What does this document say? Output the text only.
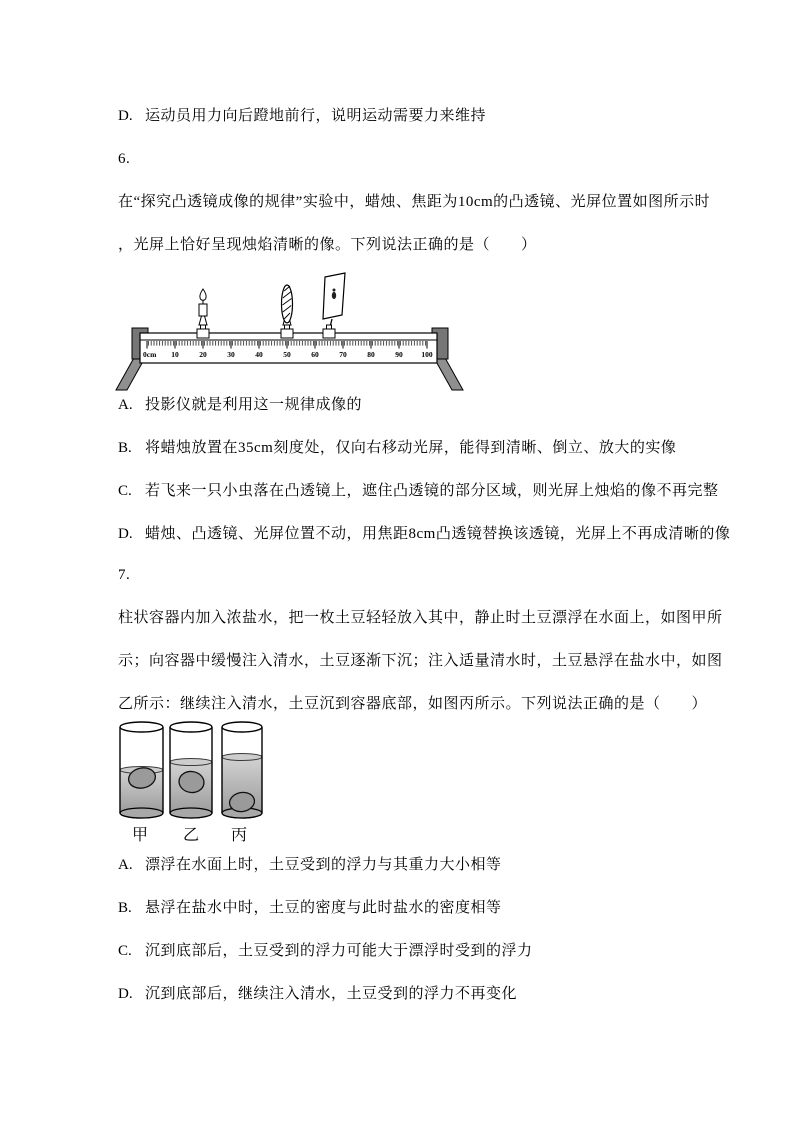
D. 运动员用力向后蹬地前行，说明运动需要力来维持
6.
在“探究凸透镜成像的规律”实验中，蜡烛、焦距为10cm的凸透镜、光屏位置如图所示时
，光屏上恰好呈现烛焰清晰的像。下列说法正确的是（　　）
0cm 10	20	30	40	50	60	70	80	90 100
A. 投影仪就是利用这一规律成像的
B. 将蜡烛放置在35cm刻度处，仅向右移动光屏，能得到清晰、倒立、放大的实像
C. 若飞来一只小虫落在凸透镜上，遮住凸透镜的部分区域，则光屏上烛焰的像不再完整
D. 蜡烛、凸透镜、光屏位置不动，用焦距8cm凸透镜替换该透镜，光屏上不再成清晰的像
7.
柱状容器内加入浓盐水，把一枚土豆轻轻放入其中，静止时土豆漂浮在水面上，如图甲所
示；向容器中缓慢注入清水，土豆逐渐下沉；注入适量清水时，土豆悬浮在盐水中，如图
乙所示：继续注入清水，土豆沉到容器底部，如图丙所示。下列说法正确的是（　　）
甲 乙 丙
A. 漂浮在水面上时，土豆受到的浮力与其重力大小相等
B. 悬浮在盐水中时，土豆的密度与此时盐水的密度相等
C. 沉到底部后，土豆受到的浮力可能大于漂浮时受到的浮力
D. 沉到底部后，继续注入清水，土豆受到的浮力不再变化
